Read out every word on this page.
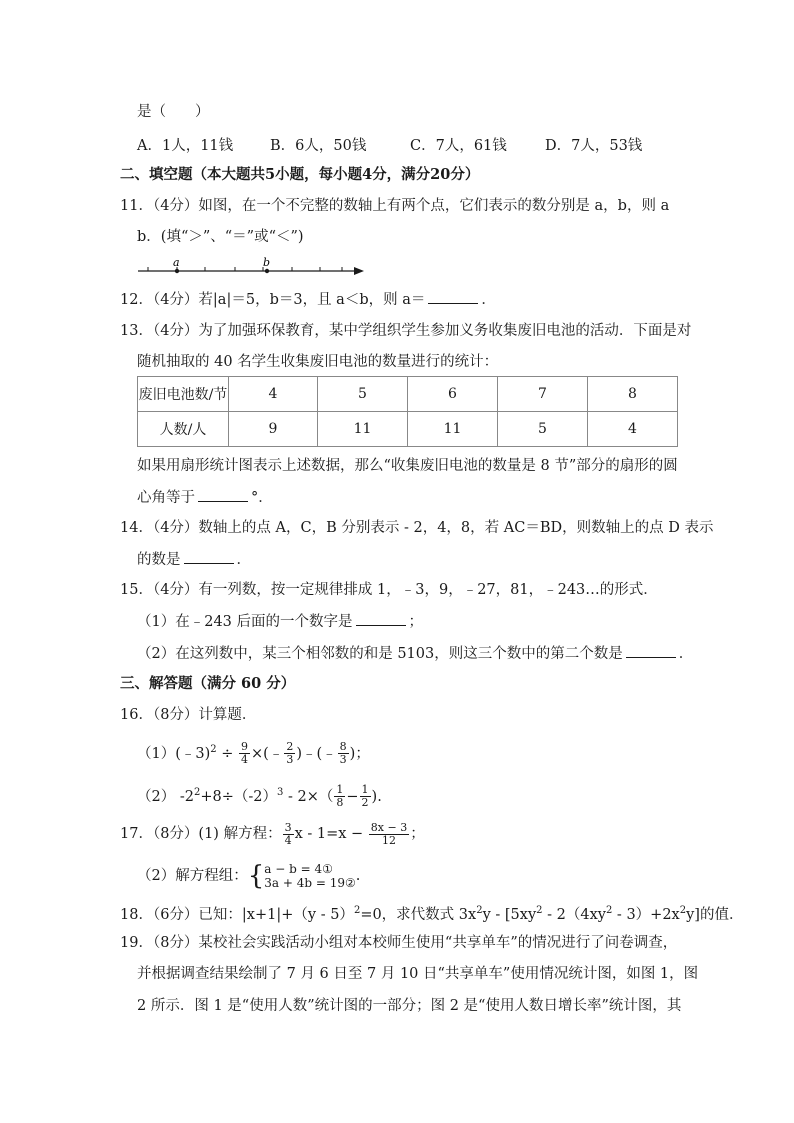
是（　　）
A．1人，11钱	B．6人，50钱	C．7人，61钱	D．7人，53钱
二、填空题（本大题共5小题，每小题4分，满分20分）
11．（4分）如图，在一个不完整的数轴上有两个点，它们表示的数分别是 a，b，则 a
b．(填“＞”、“＝”或“＜”)
a	b
12．（4分）若|a|＝5，b＝3，且 a＜b，则 a＝	．
13．（4分）为了加强环保教育，某中学组织学生参加义务收集废旧电池的活动．下面是对
随机抽取的 40 名学生收集废旧电池的数量进行的统计：
废旧电池数/节	4	5	6	7	8
人数/人	9	11	11	5	4
如果用扇形统计图表示上述数据，那么“收集废旧电池的数量是 8 节”部分的扇形的圆
心角等于	°．
14．（4分）数轴上的点 A，C，B 分别表示 - 2，4，8，若 AC＝BD，则数轴上的点 D 表示
的数是	．
15．（4分）有一列数，按一定规律排成 1，﹣3，9，﹣27，81，﹣243…的形式．
（1）在﹣243 后面的一个数字是	；
（2）在这列数中，某三个相邻数的和是 5103，则这三个数中的第二个数是	．
三、解答题（满分 60 分）
16．（8分）计算题．
（1）(﹣3)$^2$ ÷ $\frac{9}{4}$ ×(﹣ $\frac{2}{3}$ )﹣(﹣ $\frac{8}{3}$ )；
（2） $-2^2+8\div(-2)^3 - 2\times( \frac{1}{8} - \frac{1}{2}$ ).
17．（8分）(1) 解方程： $\frac{3}{4}$ $x - 1=x - \frac{8x - 3}{12}$ ；
（2）解方程组：{ a − b = 4①
3a + 4b = 19② .
18．（6分）已知：|x+1|+（y - 5）$^2$=0，求代数式 $3x^2y - [5xy^2 - 2(4xy^2 - 3)+2x^2y]$的值．
19．（8分）某校社会实践活动小组对本校师生使用“共享单车”的情况进行了问卷调查，
并根据调查结果绘制了 7 月 6 日至 7 月 10 日“共享单车”使用情况统计图，如图 1，图
2 所示．图 1 是“使用人数”统计图的一部分；图 2 是“使用人数日增长率”统计图，其
